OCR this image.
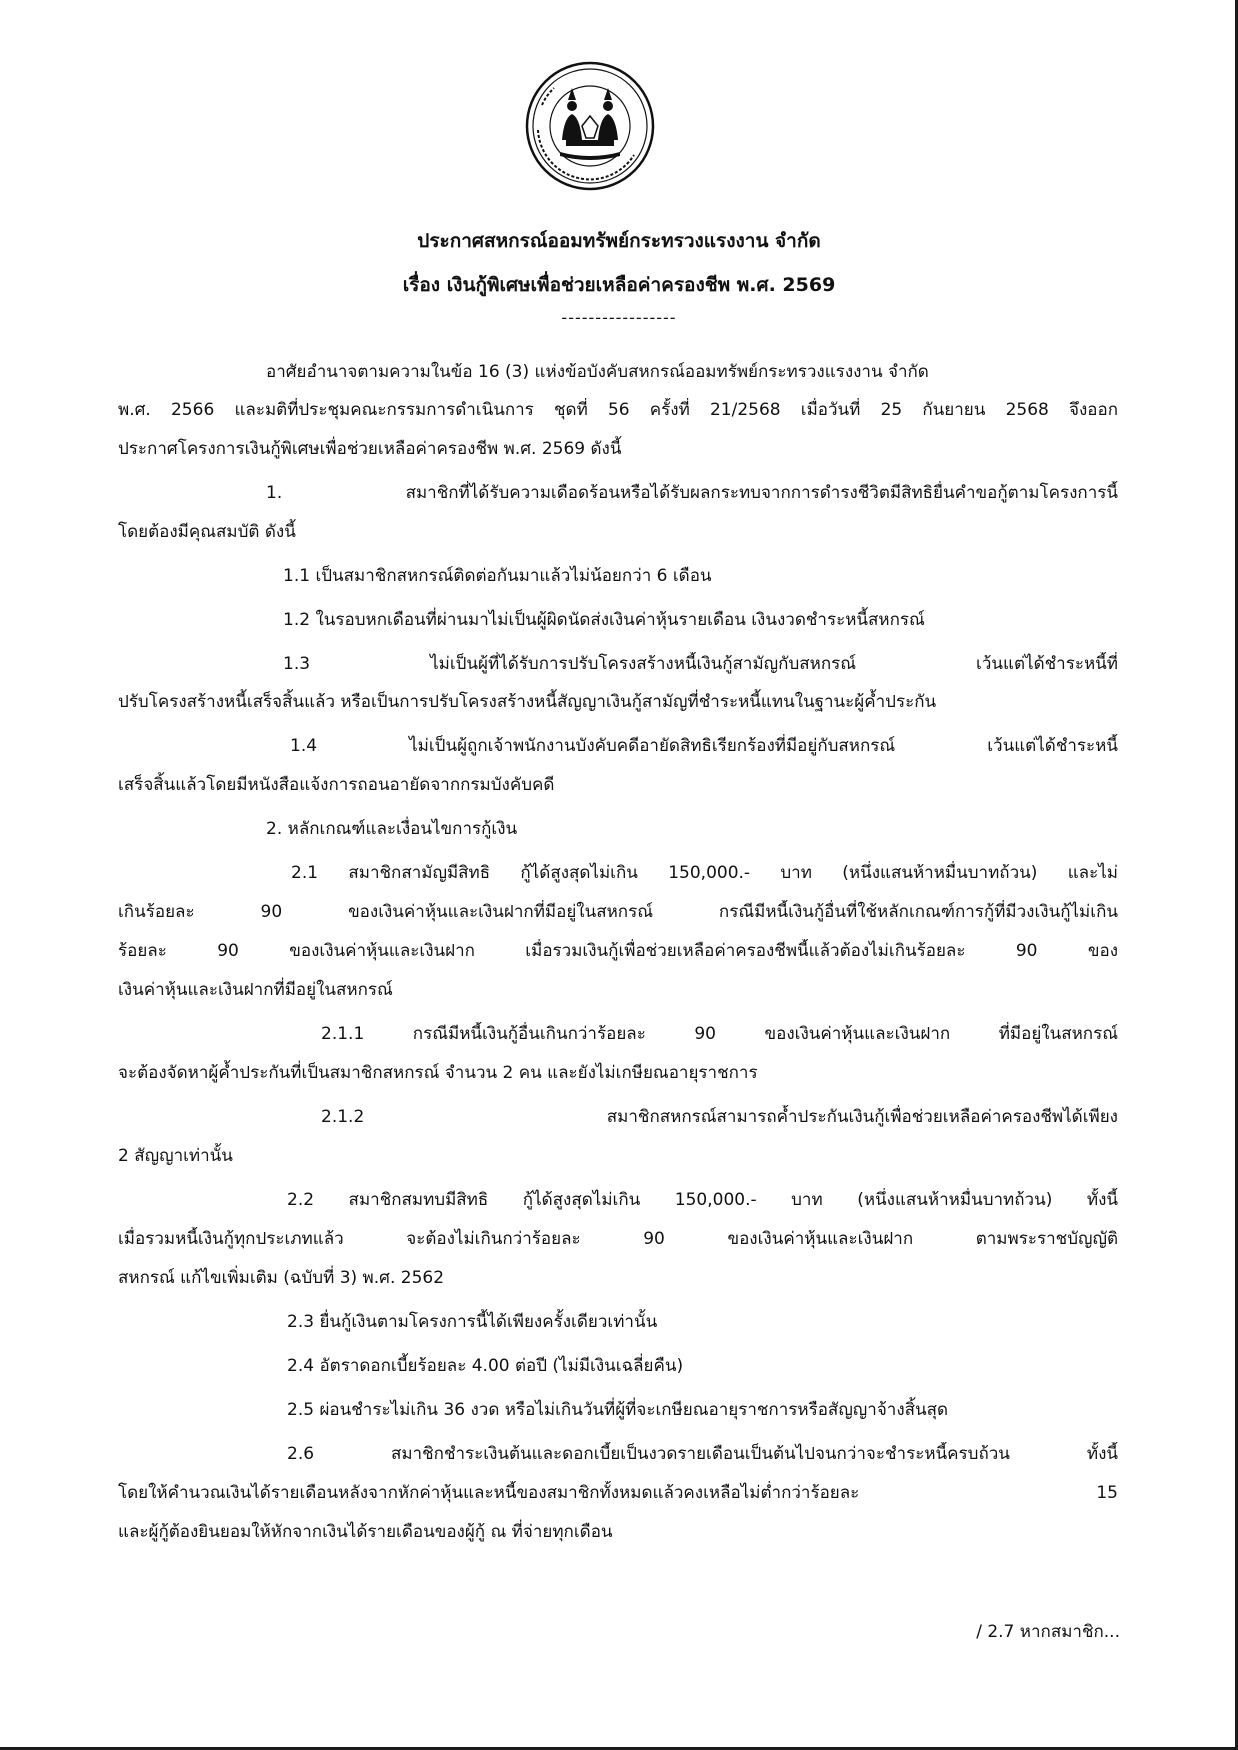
ประกาศสหกรณ์ออมทรัพย์กระทรวงแรงงาน จำกัด
เรื่อง เงินกู้พิเศษเพื่อช่วยเหลือค่าครองชีพ พ.ศ. 2569
-----------------
อาศัยอำนาจตามความในข้อ 16 (3) แห่งข้อบังคับสหกรณ์ออมทรัพย์กระทรวงแรงงาน จำกัด
พ.ศ. 2566 และมติที่ประชุมคณะกรรมการดำเนินการ ชุดที่ 56 ครั้งที่ 21/2568 เมื่อวันที่ 25 กันยายน 2568 จึงออก
ประกาศโครงการเงินกู้พิเศษเพื่อช่วยเหลือค่าครองชีพ พ.ศ. 2569 ดังนี้
1. สมาชิกที่ได้รับความเดือดร้อนหรือได้รับผลกระทบจากการดำรงชีวิตมีสิทธิยื่นคำขอกู้ตามโครงการนี้
โดยต้องมีคุณสมบัติ ดังนี้
1.1 เป็นสมาชิกสหกรณ์ติดต่อกันมาแล้วไม่น้อยกว่า 6 เดือน
1.2 ในรอบหกเดือนที่ผ่านมาไม่เป็นผู้ผิดนัดส่งเงินค่าหุ้นรายเดือน เงินงวดชำระหนี้สหกรณ์
1.3 ไม่เป็นผู้ที่ได้รับการปรับโครงสร้างหนี้เงินกู้สามัญกับสหกรณ์ เว้นแต่ได้ชำระหนี้ที่
ปรับโครงสร้างหนี้เสร็จสิ้นแล้ว หรือเป็นการปรับโครงสร้างหนี้สัญญาเงินกู้สามัญที่ชำระหนี้แทนในฐานะผู้ค้ำประกัน
1.4 ไม่เป็นผู้ถูกเจ้าพนักงานบังคับคดีอายัดสิทธิเรียกร้องที่มีอยู่กับสหกรณ์ เว้นแต่ได้ชำระหนี้
เสร็จสิ้นแล้วโดยมีหนังสือแจ้งการถอนอายัดจากกรมบังคับคดี
2. หลักเกณฑ์และเงื่อนไขการกู้เงิน
2.1 สมาชิกสามัญมีสิทธิ กู้ได้สูงสุดไม่เกิน 150,000.- บาท (หนึ่งแสนห้าหมื่นบาทถ้วน) และไม่
เกินร้อยละ 90 ของเงินค่าหุ้นและเงินฝากที่มีอยู่ในสหกรณ์ กรณีมีหนี้เงินกู้อื่นที่ใช้หลักเกณฑ์การกู้ที่มีวงเงินกู้ไม่เกิน
ร้อยละ 90 ของเงินค่าหุ้นและเงินฝาก เมื่อรวมเงินกู้เพื่อช่วยเหลือค่าครองชีพนี้แล้วต้องไม่เกินร้อยละ 90 ของ
เงินค่าหุ้นและเงินฝากที่มีอยู่ในสหกรณ์
2.1.1 กรณีมีหนี้เงินกู้อื่นเกินกว่าร้อยละ 90 ของเงินค่าหุ้นและเงินฝาก ที่มีอยู่ในสหกรณ์
จะต้องจัดหาผู้ค้ำประกันที่เป็นสมาชิกสหกรณ์ จำนวน 2 คน และยังไม่เกษียณอายุราชการ
2.1.2 สมาชิกสหกรณ์สามารถค้ำประกันเงินกู้เพื่อช่วยเหลือค่าครองชีพได้เพียง
2 สัญญาเท่านั้น
2.2 สมาชิกสมทบมีสิทธิ กู้ได้สูงสุดไม่เกิน 150,000.- บาท (หนึ่งแสนห้าหมื่นบาทถ้วน) ทั้งนี้
เมื่อรวมหนี้เงินกู้ทุกประเภทแล้ว จะต้องไม่เกินกว่าร้อยละ 90 ของเงินค่าหุ้นและเงินฝาก ตามพระราชบัญญัติ
สหกรณ์ แก้ไขเพิ่มเติม (ฉบับที่ 3) พ.ศ. 2562
2.3 ยื่นกู้เงินตามโครงการนี้ได้เพียงครั้งเดียวเท่านั้น
2.4 อัตราดอกเบี้ยร้อยละ 4.00 ต่อปี (ไม่มีเงินเฉลี่ยคืน)
2.5 ผ่อนชำระไม่เกิน 36 งวด หรือไม่เกินวันที่ผู้ที่จะเกษียณอายุราชการหรือสัญญาจ้างสิ้นสุด
2.6 สมาชิกชำระเงินต้นและดอกเบี้ยเป็นงวดรายเดือนเป็นต้นไปจนกว่าจะชำระหนี้ครบถ้วน ทั้งนี้
โดยให้คำนวณเงินได้รายเดือนหลังจากหักค่าหุ้นและหนี้ของสมาชิกทั้งหมดแล้วคงเหลือไม่ต่ำกว่าร้อยละ 15
และผู้กู้ต้องยินยอมให้หักจากเงินได้รายเดือนของผู้กู้ ณ ที่จ่ายทุกเดือน
/ 2.7 หากสมาชิก...
